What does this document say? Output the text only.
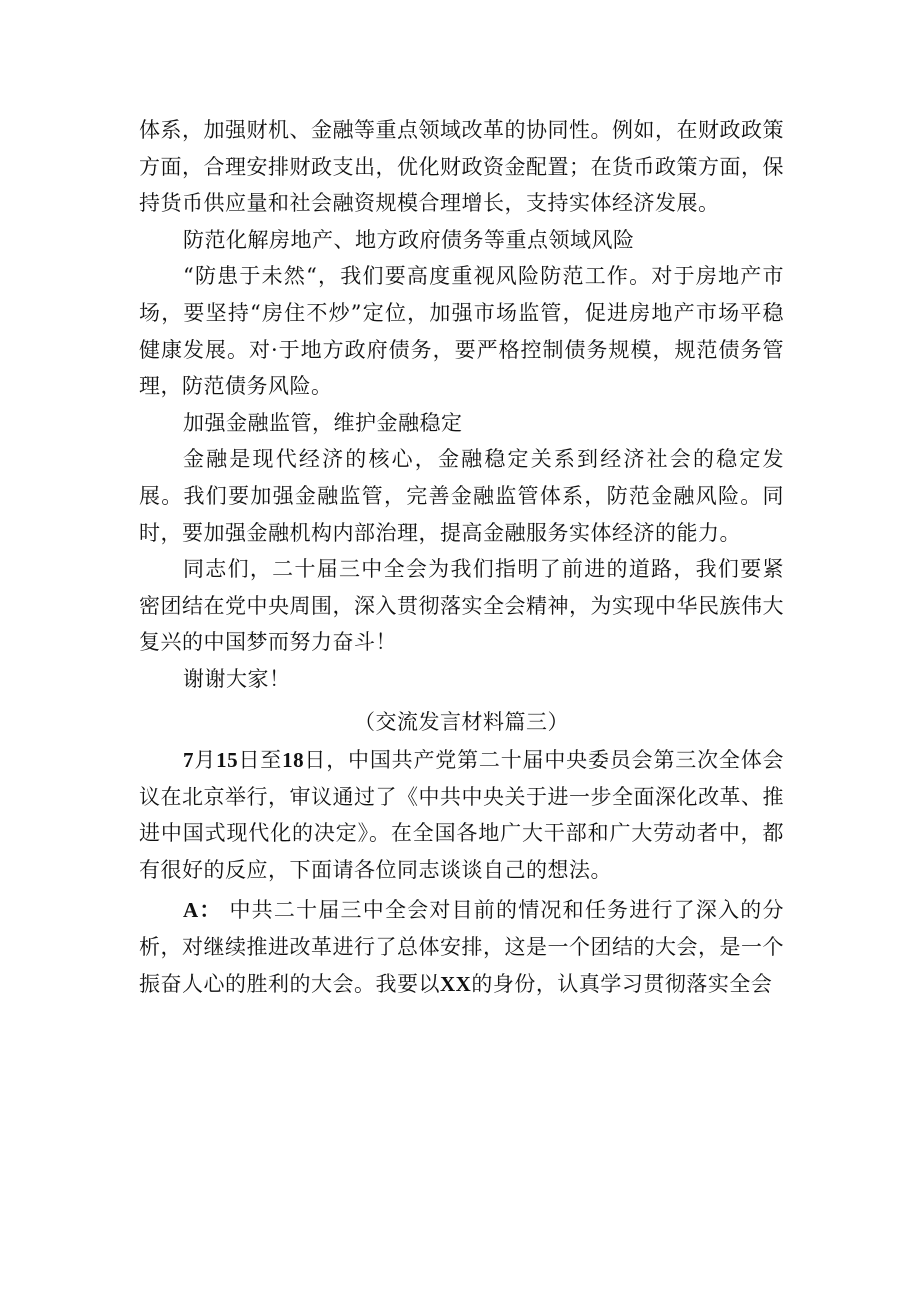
体系，加强财机、金融等重点领域改革的协同性。例如，在财政政策方面，合理安排财政支出，优化财政资金配置；在货币政策方面，保持货币供应量和社会融资规模合理增长，支持实体经济发展。

防范化解房地产、地方政府债务等重点领域风险

“防患于未然“，我们要高度重视风险防范工作。对于房地产市场，要坚持“房住不炒”定位，加强市场监管，促进房地产市场平稳健康发展。对·于地方政府债务，要严格控制债务规模，规范债务管理，防范债务风险。

加强金融监管，维护金融稳定

金融是现代经济的核心，金融稳定关系到经济社会的稳定发展。我们要加强金融监管，完善金融监管体系，防范金融风险。同时，要加强金融机构内部治理，提高金融服务实体经济的能力。

同志们，二十届三中全会为我们指明了前进的道路，我们要紧密团结在党中央周围，深入贯彻落实全会精神，为实现中华民族伟大复兴的中国梦而努力奋斗！

谢谢大家！

（交流发言材料篇三）

7月15日至18日，中国共产党第二十届中央委员会第三次全体会议在北京举行，审议通过了《中共中央关于进一步全面深化改革、推进中国式现代化的决定》。在全国各地广大干部和广大劳动者中，都有很好的反应，下面请各位同志谈谈自己的想法。

A： 中共二十届三中全会对目前的情况和任务进行了深入的分析，对继续推进改革进行了总体安排，这是一个团结的大会，是一个振奋人心的胜利的大会。我要以XX的身份，认真学习贯彻落实全会
